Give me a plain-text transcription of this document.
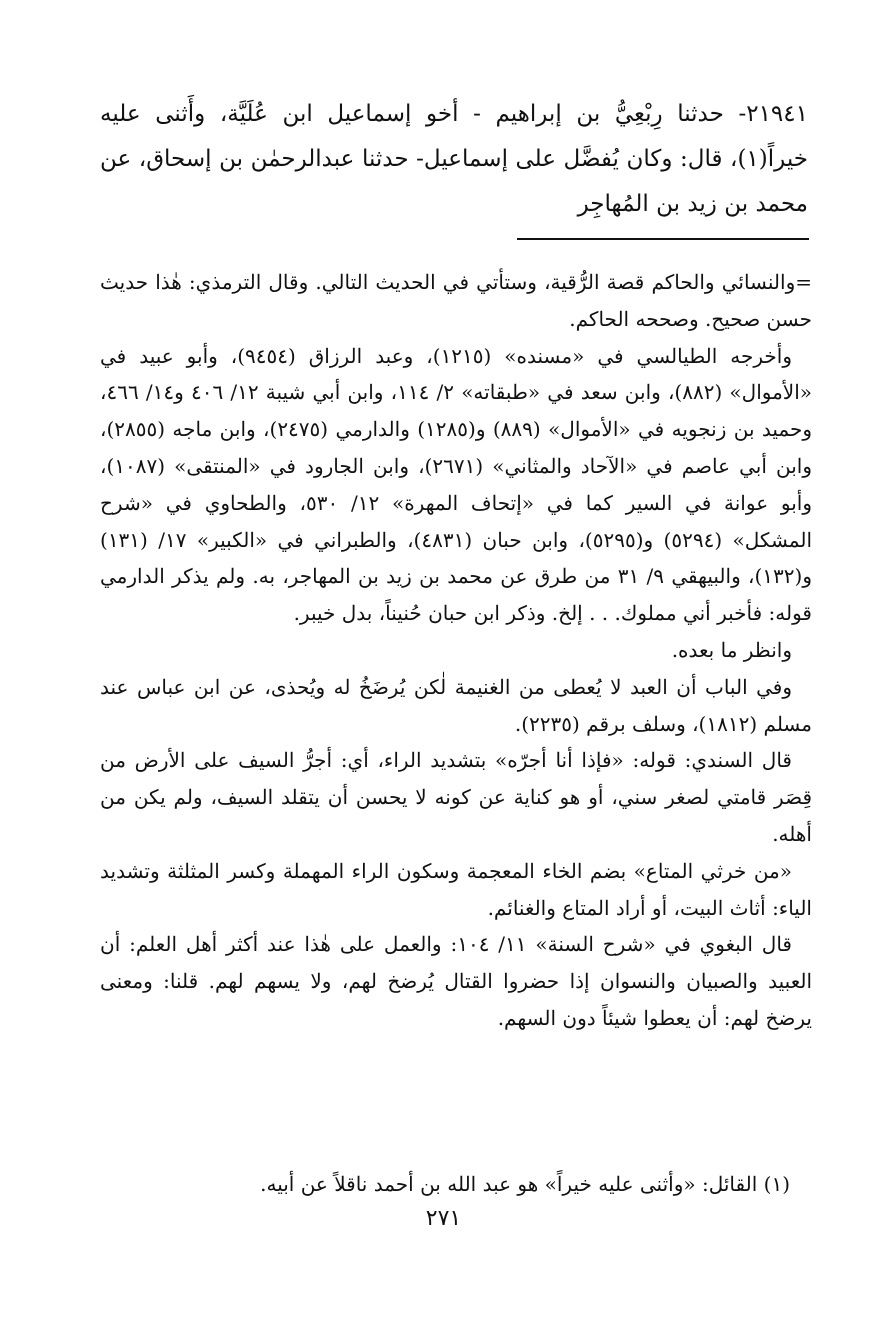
٢١٩٤١- حدثنا رِبْعِيُّ بن إبراهيم - أخو إسماعيل ابن عُلَيَّة، وأَثنى عليه خيراً(١)، قال: وكان يُفضَّل على إسماعيل- حدثنا عبدالرحمٰن بن إسحاق، عن محمد بن زيد بن المُهاجِر

=والنسائي والحاكم قصة الرُّقية، وستأتي في الحديث التالي. وقال الترمذي: هٰذا حديث حسن صحيح. وصححه الحاكم.

وأخرجه الطيالسي في «مسنده» (١٢١٥)، وعبد الرزاق (٩٤٥٤)، وأبو عبيد في «الأموال» (٨٨٢)، وابن سعد في «طبقاته» ٢/ ١١٤، وابن أبي شيبة ١٢/ ٤٠٦ و١٤/ ٤٦٦، وحميد بن زنجويه في «الأموال» (٨٨٩) و(١٢٨٥) والدارمي (٢٤٧٥)، وابن ماجه (٢٨٥٥)، وابن أبي عاصم في «الآحاد والمثاني» (٢٦٧١)، وابن الجارود في «المنتقى» (١٠٨٧)، وأبو عوانة في السير كما في «إتحاف المهرة» ١٢/ ٥٣٠، والطحاوي في «شرح المشكل» (٥٢٩٤) و(٥٢٩٥)، وابن حبان (٤٨٣١)، والطبراني في «الكبير» ١٧/ (١٣١) و(١٣٢)، والبيهقي ٩/ ٣١ من طرق عن محمد بن زيد بن المهاجر، به. ولم يذكر الدارمي قوله: فأخبر أني مملوك. . . إلخ. وذكر ابن حبان حُنيناً، بدل خيبر.

وانظر ما بعده.

وفي الباب أن العبد لا يُعطى من الغنيمة لٰكن يُرضَخُ له ويُحذى، عن ابن عباس عند مسلم (١٨١٢)، وسلف برقم (٢٢٣٥).

قال السندي: قوله: «فإذا أنا أجرّه» بتشديد الراء، أي: أجرُّ السيف على الأرض من قِصَر قامتي لصغر سني، أو هو كناية عن كونه لا يحسن أن يتقلد السيف، ولم يكن من أهله.

«من خرثي المتاع» بضم الخاء المعجمة وسكون الراء المهملة وكسر المثلثة وتشديد الياء: أثاث البيت، أو أراد المتاع والغنائم.

قال البغوي في «شرح السنة» ١١/ ١٠٤: والعمل على هٰذا عند أكثر أهل العلم: أن العبيد والصبيان والنسوان إذا حضروا القتال يُرضخ لهم، ولا يسهم لهم. قلنا: ومعنى يرضخ لهم: أن يعطوا شيئاً دون السهم.

(١) القائل: «وأثنى عليه خيراً» هو عبد الله بن أحمد ناقلاً عن أبيه.

٢٧١
